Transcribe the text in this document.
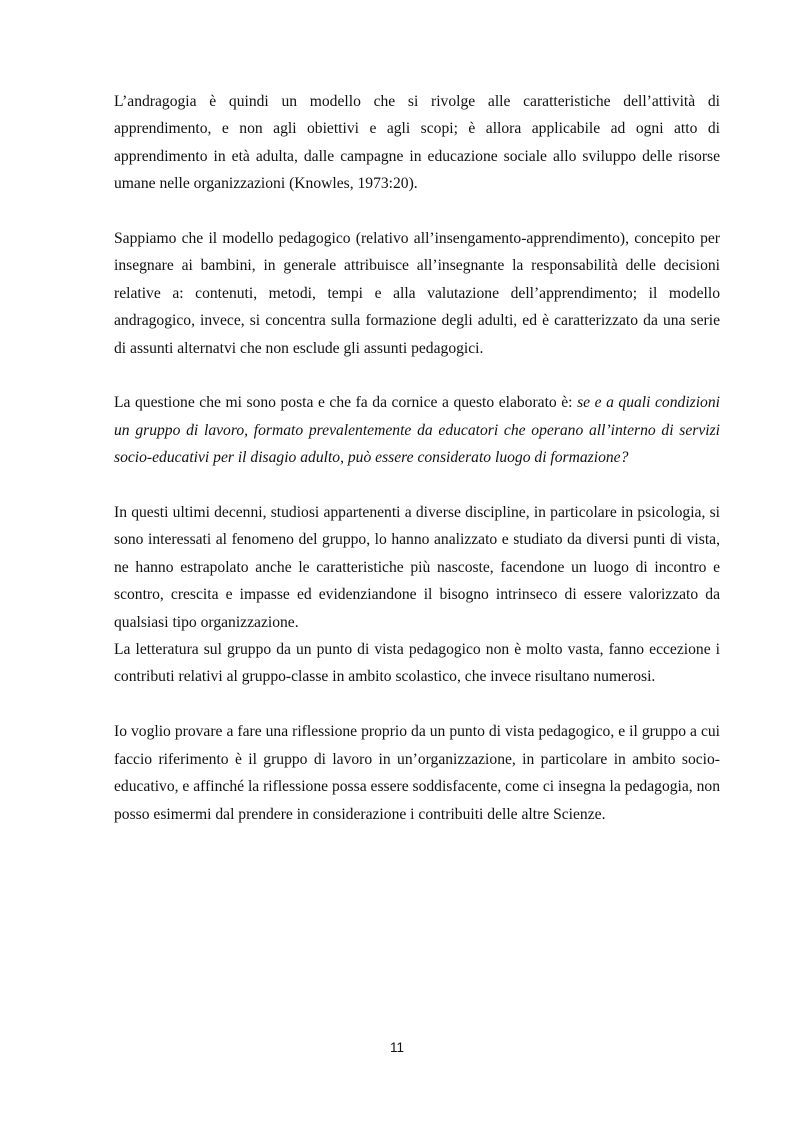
L’andragogia è quindi un modello che si rivolge alle caratteristiche dell’attività di apprendimento, e non agli obiettivi e agli scopi; è allora applicabile ad ogni atto di apprendimento in età adulta, dalle campagne in educazione sociale allo sviluppo delle risorse umane nelle organizzazioni (Knowles, 1973:20).

Sappiamo che il modello pedagogico (relativo all’insengamento-apprendimento), concepito per insegnare ai bambini, in generale attribuisce all’insegnante la responsabilità delle decisioni relative a: contenuti, metodi, tempi e alla valutazione dell’apprendimento; il modello andragogico, invece, si concentra sulla formazione degli adulti, ed è caratterizzato da una serie di assunti alternatvi che non esclude gli assunti pedagogici.

La questione che mi sono posta e che fa da cornice a questo elaborato è: se e a quali condizioni un gruppo di lavoro, formato prevalentemente da educatori che operano all’interno di servizi socio-educativi per il disagio adulto, può essere considerato luogo di formazione?

In questi ultimi decenni, studiosi appartenenti a diverse discipline, in particolare in psicologia, si sono interessati al fenomeno del gruppo, lo hanno analizzato e studiato da diversi punti di vista, ne hanno estrapolato anche le caratteristiche più nascoste, facendone un luogo di incontro e scontro, crescita e impasse ed evidenziandone il bisogno intrinseco di essere valorizzato da qualsiasi tipo organizzazione.

La letteratura sul gruppo da un punto di vista pedagogico non è molto vasta, fanno eccezione i contributi relativi al gruppo-classe in ambito scolastico, che invece risultano numerosi.

Io voglio provare a fare una riflessione proprio da un punto di vista pedagogico, e il gruppo a cui faccio riferimento è il gruppo di lavoro in un’organizzazione, in particolare in ambito socio-educativo, e affinché la riflessione possa essere soddisfacente, come ci insegna la pedagogia, non posso esimermi dal prendere in considerazione i contribuiti delle altre Scienze.

11
